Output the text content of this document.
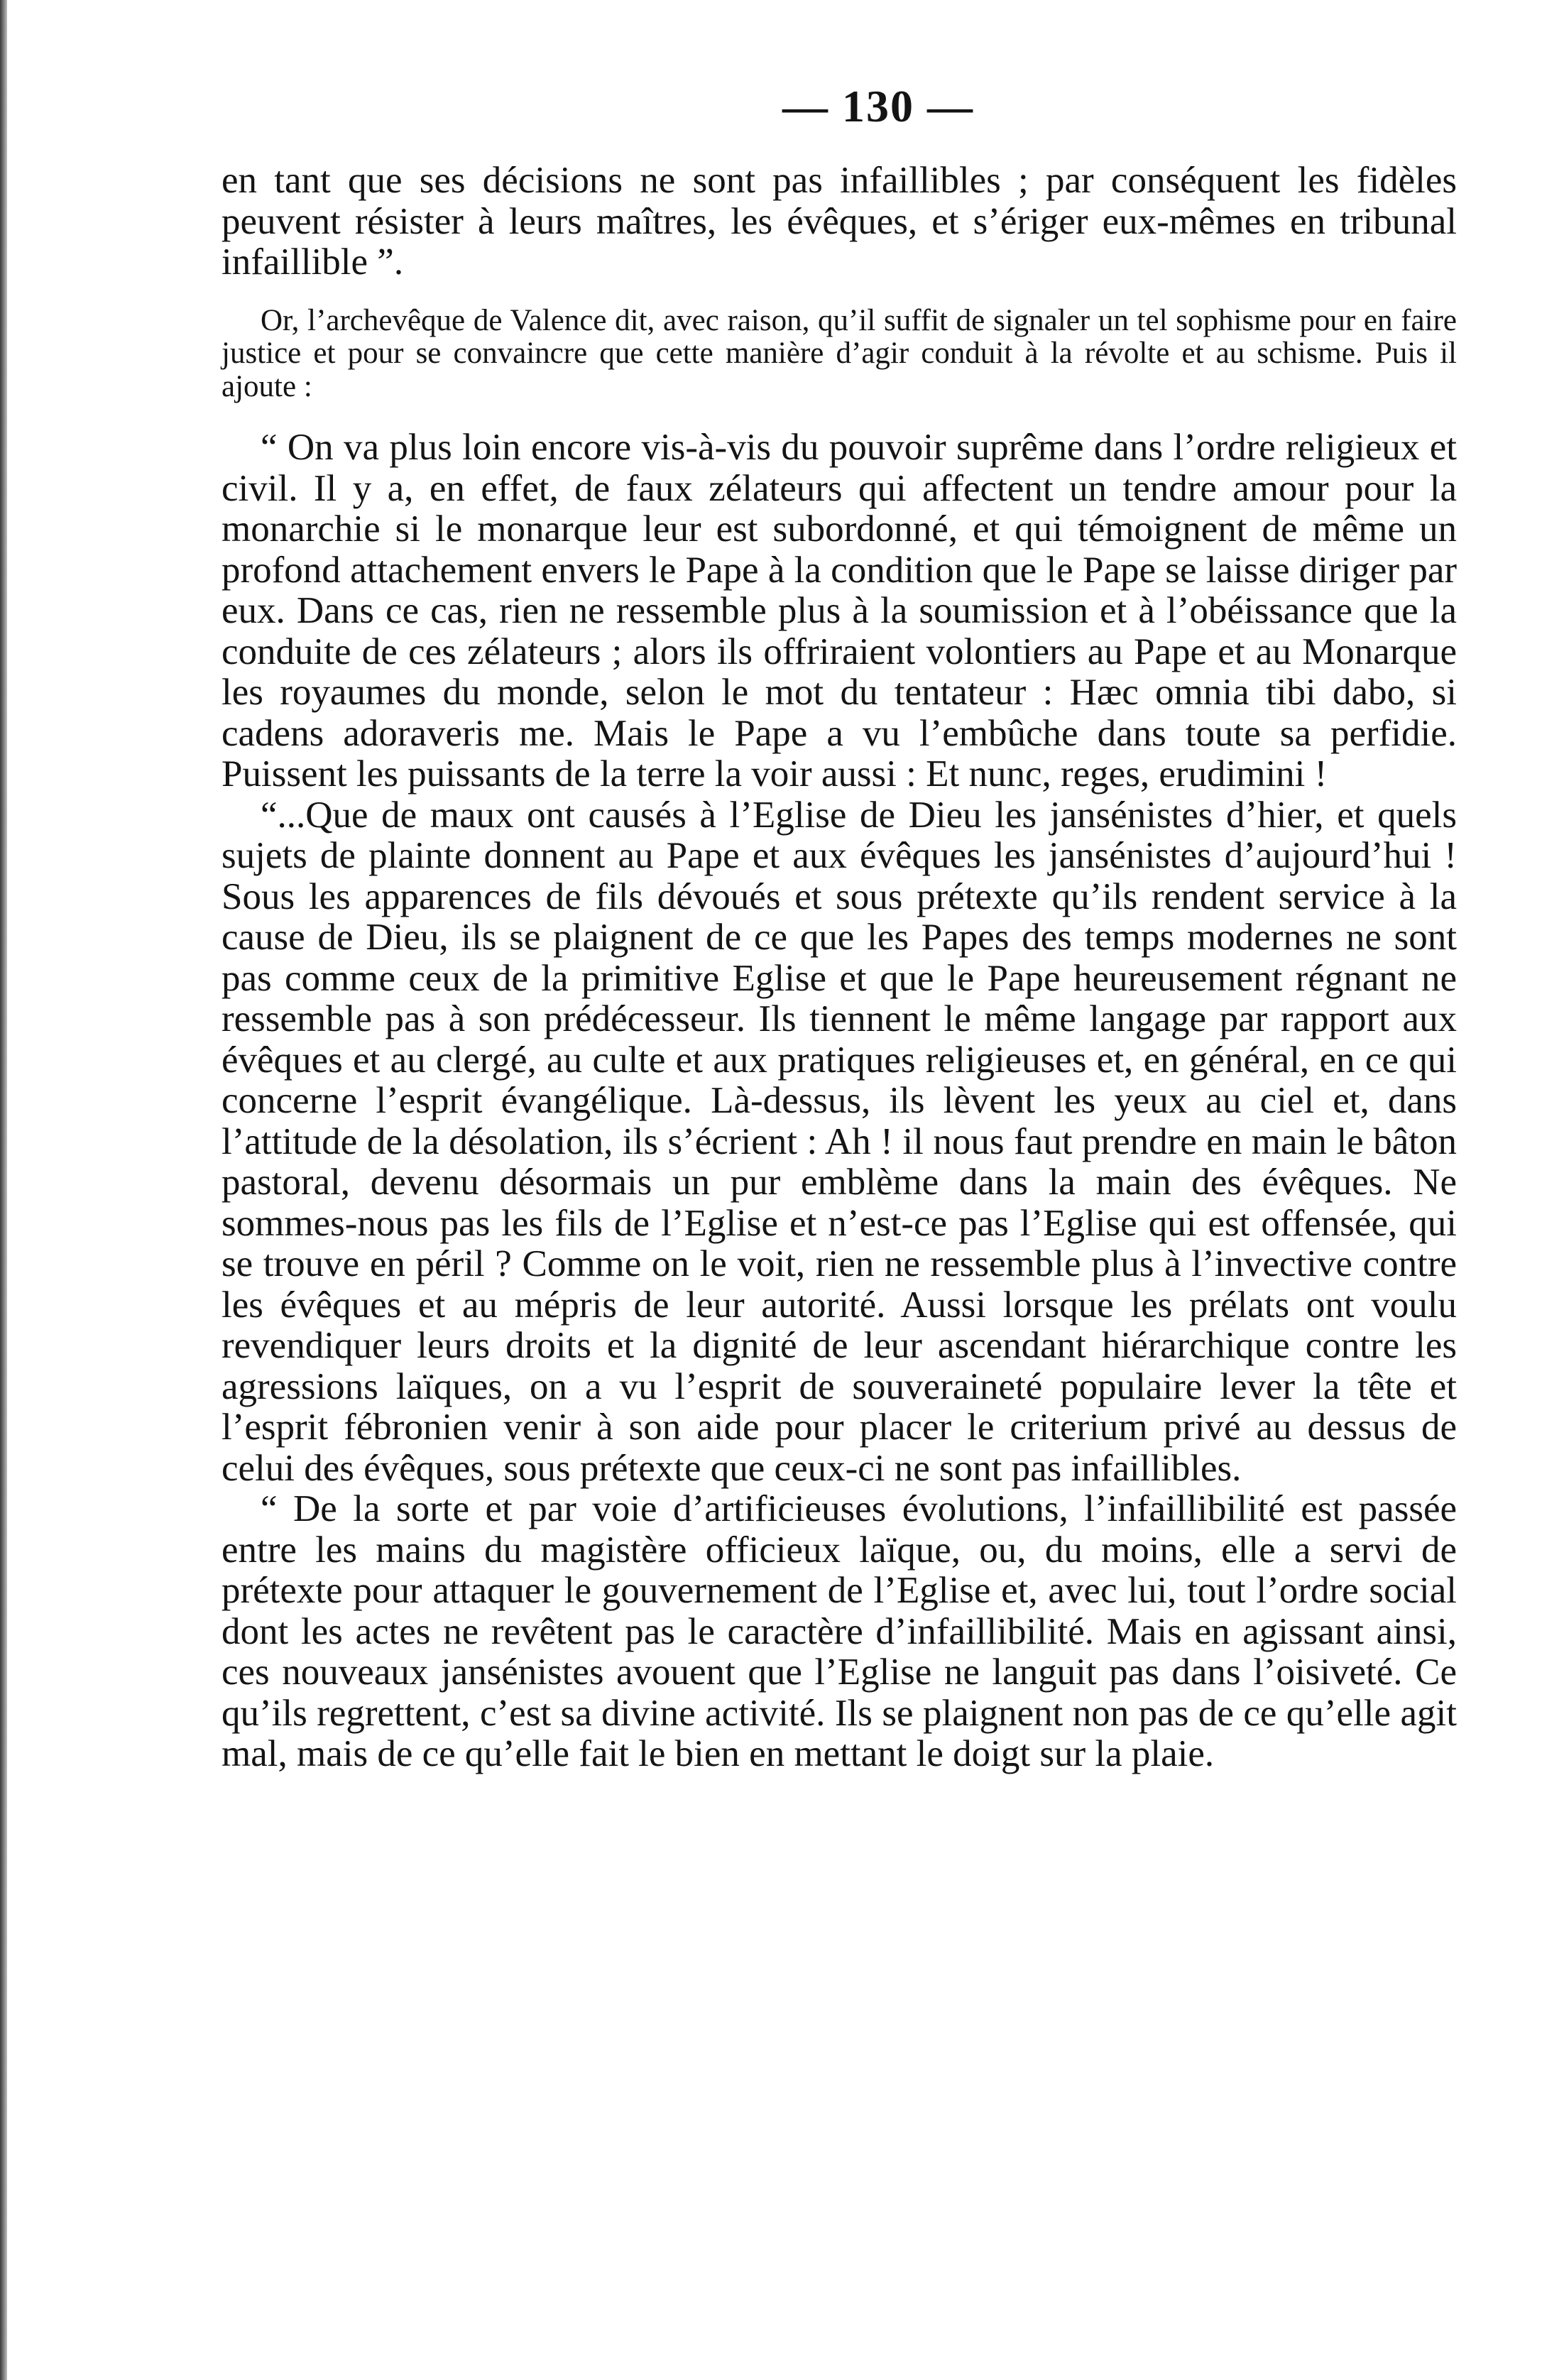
— 130 —

en tant que ses décisions ne sont pas infaillibles ; par conséquent les fidèles peuvent résister à leurs maîtres, les évêques, et s’ériger eux-mêmes en tribunal infaillible ”.

Or, l’archevêque de Valence dit, avec raison, qu’il suffit de signaler un tel sophisme pour en faire justice et pour se convaincre que cette manière d’agir conduit à la révolte et au schisme. Puis il ajoute :

“ On va plus loin encore vis-à-vis du pouvoir suprême dans l’ordre religieux et civil. Il y a, en effet, de faux zélateurs qui affectent un tendre amour pour la monarchie si le monarque leur est subordonné, et qui témoignent de même un profond attachement envers le Pape à la condition que le Pape se laisse diriger par eux. Dans ce cas, rien ne ressemble plus à la soumission et à l’obéissance que la conduite de ces zélateurs ; alors ils offriraient volontiers au Pape et au Monarque les royaumes du monde, selon le mot du tentateur : Hæc omnia tibi dabo, si cadens adoraveris me. Mais le Pape a vu l’embûche dans toute sa perfidie. Puissent les puissants de la terre la voir aussi : Et nunc, reges, erudimini !

“...Que de maux ont causés à l’Eglise de Dieu les jansénistes d’hier, et quels sujets de plainte donnent au Pape et aux évêques les jansénistes d’aujourd’hui ! Sous les apparences de fils dévoués et sous prétexte qu’ils rendent service à la cause de Dieu, ils se plaignent de ce que les Papes des temps modernes ne sont pas comme ceux de la primitive Eglise et que le Pape heureusement régnant ne ressemble pas à son prédécesseur. Ils tiennent le même langage par rapport aux évêques et au clergé, au culte et aux pratiques religieuses et, en général, en ce qui concerne l’esprit évangélique. Là-dessus, ils lèvent les yeux au ciel et, dans l’attitude de la désolation, ils s’écrient : Ah ! il nous faut prendre en main le bâton pastoral, devenu désormais un pur emblème dans la main des évêques. Ne sommes-nous pas les fils de l’Eglise et n’est-ce pas l’Eglise qui est offensée, qui se trouve en péril ? Comme on le voit, rien ne ressemble plus à l’invective contre les évêques et au mépris de leur autorité. Aussi lorsque les prélats ont voulu revendiquer leurs droits et la dignité de leur ascendant hiérarchique contre les agressions laïques, on a vu l’esprit de souveraineté populaire lever la tête et l’esprit fébronien venir à son aide pour placer le criterium privé au dessus de celui des évêques, sous prétexte que ceux-ci ne sont pas infaillibles.

“ De la sorte et par voie d’artificieuses évolutions, l’infaillibilité est passée entre les mains du magistère officieux laïque, ou, du moins, elle a servi de prétexte pour attaquer le gouvernement de l’Eglise et, avec lui, tout l’ordre social dont les actes ne revêtent pas le caractère d’infaillibilité. Mais en agissant ainsi, ces nouveaux jansénistes avouent que l’Eglise ne languit pas dans l’oisiveté. Ce qu’ils regrettent, c’est sa divine activité. Ils se plaignent non pas de ce qu’elle agit mal, mais de ce qu’elle fait le bien en mettant le doigt sur la plaie.
